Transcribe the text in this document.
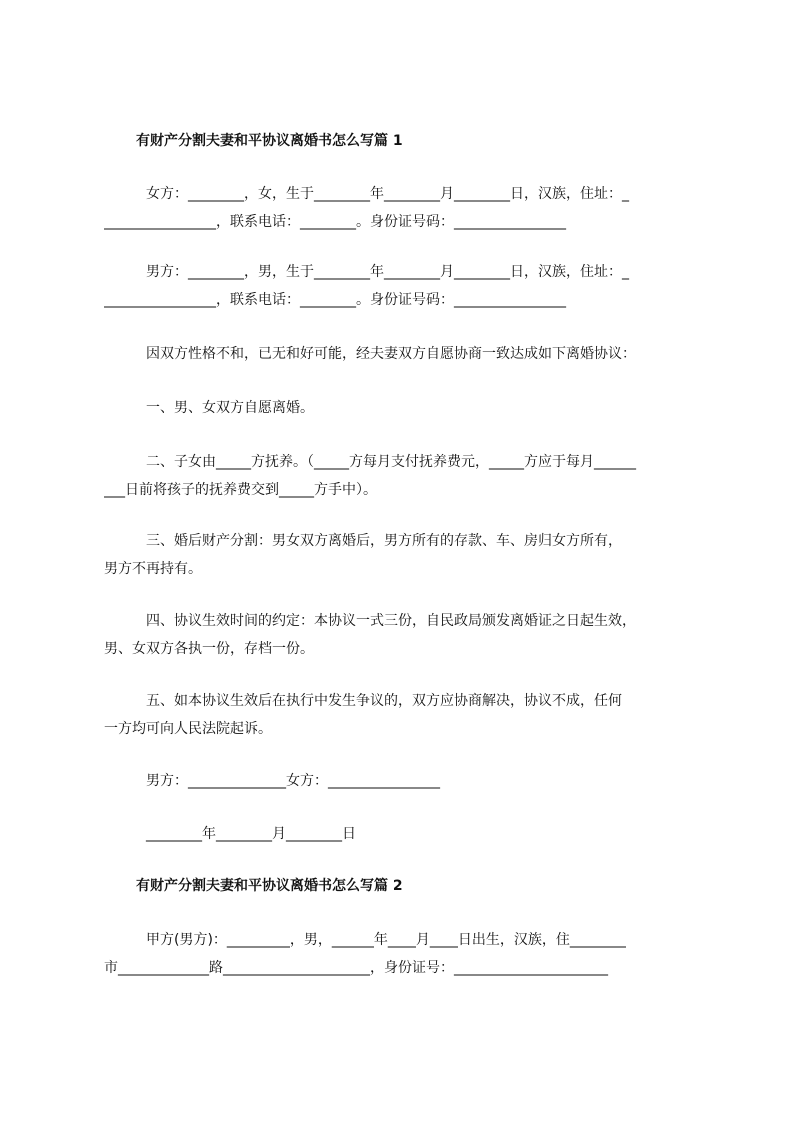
有财产分割夫妻和平协议离婚书怎么写篇 1
女方：________，女，生于________年________月________日，汉族，住址：_
________________，联系电话：________。身份证号码：________________
男方：________，男，生于________年________月________日，汉族，住址：_
________________，联系电话：________。身份证号码：________________
因双方性格不和，已无和好可能，经夫妻双方自愿协商一致达成如下离婚协议：
一、男、女双方自愿离婚。
二、子女由_____方抚养。（_____方每月支付抚养费元，_____方应于每月______
___日前将孩子的抚养费交到_____方手中）。
三、婚后财产分割：男女双方离婚后，男方所有的存款、车、房归女方所有，
男方不再持有。
四、协议生效时间的约定：本协议一式三份，自民政局颁发离婚证之日起生效，
男、女双方各执一份，存档一份。
五、如本协议生效后在执行中发生争议的，双方应协商解决，协议不成，任何
一方均可向人民法院起诉。
男方：______________女方：________________
________年________月________日
有财产分割夫妻和平协议离婚书怎么写篇 2
甲方(男方)：_________，男，______年____月____日出生，汉族，住________
市_____________路_____________________，身份证号：______________________
